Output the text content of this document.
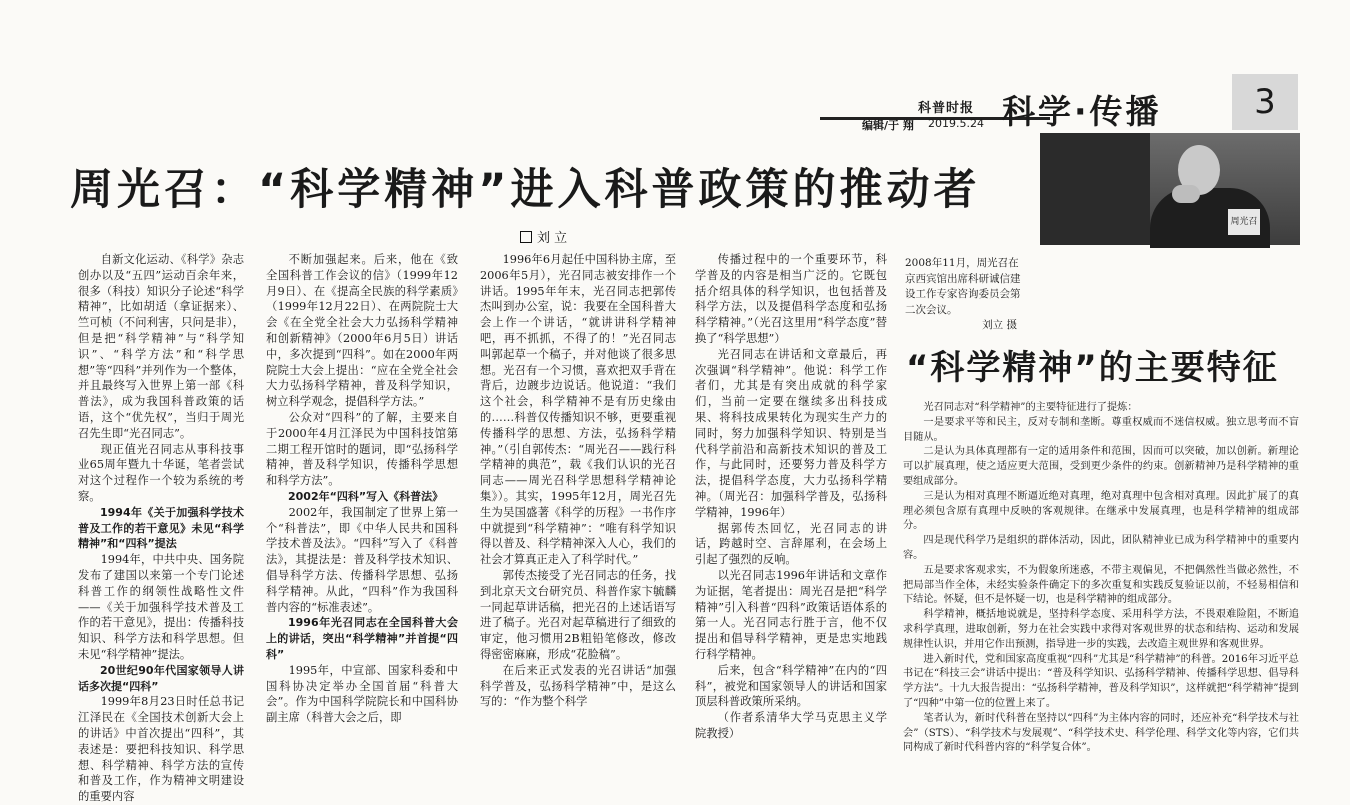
科普时报
编辑/于 翔 2019.5.24 科学·传播	3
周光召：“科学精神”进入科普政策的推动者
刘 立
周光召
2008年11月，周光召在京西宾馆出席科研诚信建设工作专家咨询委员会第二次会议。
刘立 摄
“科学精神”的主要特征

自新文化运动、《科学》杂志创办以及“五四”运动百余年来，很多（科技）知识分子论述“科学精神”，比如胡适（拿证据来）、竺可桢（不问利害，只问是非），但是把“科学精神”与“科学知识”、“科学方法”和“科学思想”等“四科”并列作为一个整体，并且最终写入世界上第一部《科普法》，成为我国科普政策的话语，这个“优先权”，当归于周光召先生即“光召同志”。

现正值光召同志从事科技事业65周年暨九十华诞，笔者尝试对这个过程作一个较为系统的考察。

1994年《关于加强科学技术普及工作的若干意见》未见“科学精神”和“四科”提法

1994年，中共中央、国务院发布了建国以来第一个专门论述科普工作的纲领性战略性文件——《关于加强科学技术普及工作的若干意见》，提出：传播科技知识、科学方法和科学思想。但未见“科学精神”提法。

20世纪90年代国家领导人讲话多次提“四科”

1999年8月23日时任总书记江泽民在《全国技术创新大会上的讲话》中首次提出“四科”，其表述是：要把科技知识、科学思想、科学精神、科学方法的宣传和普及工作，作为精神文明建设的重要内容

不断加强起来。后来，他在《致全国科普工作会议的信》（1999年12月9日）、在《提高全民族的科学素质》（1999年12月22日）、在两院院士大会《在全党全社会大力弘扬科学精神和创新精神》（2000年6月5日）讲话中，多次提到“四科”。如在2000年两院院士大会上提出：“应在全党全社会大力弘扬科学精神，普及科学知识，树立科学观念，提倡科学方法。”

公众对“四科”的了解，主要来自于2000年4月江泽民为中国科技馆第二期工程开馆时的题词，即“弘扬科学精神，普及科学知识，传播科学思想和科学方法”。

2002年“四科”写入《科普法》

2002年，我国制定了世界上第一个“科普法”，即《中华人民共和国科学技术普及法》。“四科”写入了《科普法》，其提法是：普及科学技术知识、倡导科学方法、传播科学思想、弘扬科学精神。从此，“四科”作为我国科普内容的“标准表述”。

1996年光召同志在全国科普大会上的讲话，突出“科学精神”并首提“四科”

1995年，中宣部、国家科委和中国科协决定举办全国首届“科普大会”。作为中国科学院院长和中国科协副主席（科普大会之后，即

1996年6月起任中国科协主席，至2006年5月），光召同志被安排作一个讲话。1995年年末，光召同志把郭传杰叫到办公室，说：我要在全国科普大会上作一个讲话，“就讲讲科学精神吧，再不抓抓，不得了的！”光召同志叫郭起草一个稿子，并对他谈了很多思想。光召有一个习惯，喜欢把双手背在背后，边踱步边说话。他说道：“我们这个社会，科学精神不是有历史缘由的……科普仅传播知识不够，更要重视传播科学的思想、方法，弘扬科学精神。”（引自郭传杰：“周光召——践行科学精神的典范”，载《我们认识的光召同志——周光召科学思想科学精神论集》）。其实，1995年12月，周光召先生为吴国盛著《科学的历程》一书作序中就提到“科学精神”：“唯有科学知识得以普及、科学精神深入人心，我们的社会才算真正走入了科学时代。”

郭传杰接受了光召同志的任务，找到北京天文台研究员、科普作家卞毓麟一同起草讲话稿，把光召的上述话语写进了稿子。光召对起草稿进行了细致的审定，他习惯用2B粗铅笔修改，修改得密密麻麻，形成“花脸稿”。

在后来正式发表的光召讲话“加强科学普及，弘扬科学精神”中，是这么写的：“作为整个科学

传播过程中的一个重要环节，科学普及的内容是相当广泛的。它既包括介绍具体的科学知识，也包括普及科学方法，以及提倡科学态度和弘扬科学精神。”（光召这里用“科学态度”替换了“科学思想”）

光召同志在讲话和文章最后，再次强调“科学精神”。他说：科学工作者们，尤其是有突出成就的科学家们，当前一定要在继续多出科技成果、将科技成果转化为现实生产力的同时，努力加强科学知识、特别是当代科学前沿和高新技术知识的普及工作，与此同时，还要努力普及科学方法，提倡科学态度，大力弘扬科学精神。（周光召：加强科学普及，弘扬科学精神，1996年）

据郭传杰回忆，光召同志的讲话，跨越时空、言辞犀利，在会场上引起了强烈的反响。

以光召同志1996年讲话和文章作为证据，笔者提出：周光召是把“科学精神”引入科普“四科”政策话语体系的第一人。光召同志行胜于言，他不仅提出和倡导科学精神，更是忠实地践行科学精神。

后来，包含“科学精神”在内的“四科”，被党和国家领导人的讲话和国家顶层科普政策所采纳。

（作者系清华大学马克思主义学院教授）

光召同志对“科学精神”的主要特征进行了提炼：

一是要求平等和民主，反对专制和垄断。尊重权威而不迷信权威。独立思考而不盲目随从。

二是认为具体真理都有一定的适用条件和范围，因而可以突破，加以创新。新理论可以扩展真理，使之适应更大范围，受到更少条件的约束。创新精神乃是科学精神的重要组成部分。

三是认为相对真理不断逼近绝对真理，绝对真理中包含相对真理。因此扩展了的真理必须包含原有真理中反映的客观规律。在继承中发展真理，也是科学精神的组成部分。

四是现代科学乃是组织的群体活动，因此，团队精神业已成为科学精神中的重要内容。

五是要求客观求实，不为假象所迷惑，不带主观偏见，不把偶然性当做必然性，不把局部当作全体，未经实验条件确定下的多次重复和实践反复验证以前，不轻易相信和下结论。怀疑，但不是怀疑一切，也是科学精神的组成部分。

科学精神，概括地说就是，坚持科学态度、采用科学方法，不畏艰难险阻，不断追求科学真理，进取创新，努力在社会实践中求得对客观世界的状态和结构、运动和发展规律性认识，并用它作出预测，指导进一步的实践，去改造主观世界和客观世界。

进入新时代，党和国家高度重视“四科”尤其是“科学精神”的科普。2016年习近平总书记在“科技三会”讲话中提出：“普及科学知识、弘扬科学精神、传播科学思想、倡导科学方法”。十九大报告提出：“弘扬科学精神，普及科学知识”，这样就把“科学精神”提到了“四种”中第一位的位置上来了。

笔者认为，新时代科普在坚持以“四科”为主体内容的同时，还应补充“科学技术与社会”（STS）、“科学技术与发展观”、“科学技术史、科学伦理、科学文化等内容，它们共同构成了新时代科普内容的“科学复合体”。
